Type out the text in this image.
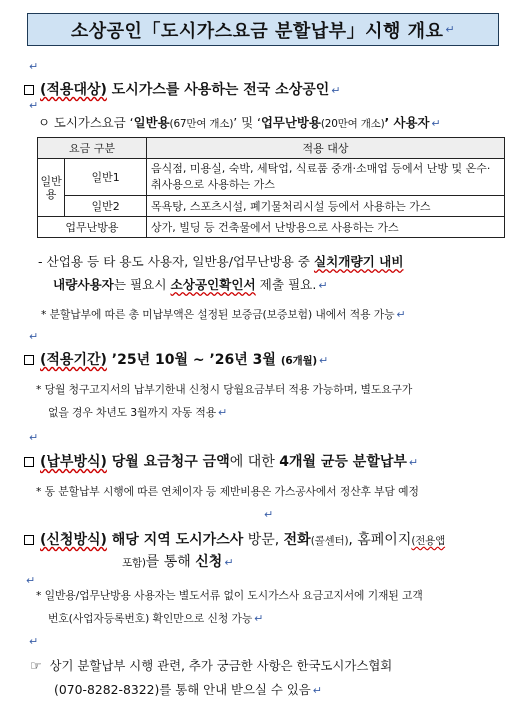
소상공인「도시가스요금 분할납부」시행 개요 ↵
↵
(적용대상) 도시가스를 사용하는 전국 소상공인 ↵
↵
ㅇ 도시가스요금 ‘일반용(67만여 개소)’ 및 ‘업무난방용(20만여 개소)’ 사용자 ↵
요금 구분		적용 대상
일반용	일반1	음식점, 미용실, 숙박, 세탁업, 식료품 중개·소매업 등에서 난방 및 온수·취사용으로 사용하는 가스
	일반2	목욕탕, 스포츠시설, 폐기물처리시설 등에서 사용하는 가스
업무난방용		상가, 빌딩 등 건축물에서 난방용으로 사용하는 가스
- 산업용 등 타 용도 사용자, 일반용/업무난방용 중 실치개량기 내비
내량사용자는 필요시 소상공인확인서 제출 필요. ↵
* 분할납부에 따른 총 미납부액은 설정된 보증금(보증보험) 내에서 적용 가능 ↵
↵
(적용기간) ’25년 10월 ~ ’26년 3월 (6개월) ↵
* 당월 청구고지서의 납부기한내 신청시 당월요금부터 적용 가능하며, 별도요구가
없을 경우 차년도 3월까지 자동 적용 ↵
↵
(납부방식) 당월 요금청구 금액에 대한 4개월 균등 분할납부 ↵
* 동 분할납부 시행에 따른 연체이자 등 제반비용은 가스공사에서 정산후 부담 예정
↵
(신청방식) 해당 지역 도시가스사 방문, 전화(콜센터), 홈페이지(전용앱
포함)를 통해 신청 ↵
↵
* 일반용/업무난방용 사용자는 별도서류 없이 도시가스사 요금고지서에 기재된 고객
번호(사업자등록번호) 확인만으로 신청 가능 ↵
↵
☞ 상기 분할납부 시행 관련, 추가 궁금한 사항은 한국도시가스협회
(070-8282-8322)를 통해 안내 받으실 수 있음 ↵
